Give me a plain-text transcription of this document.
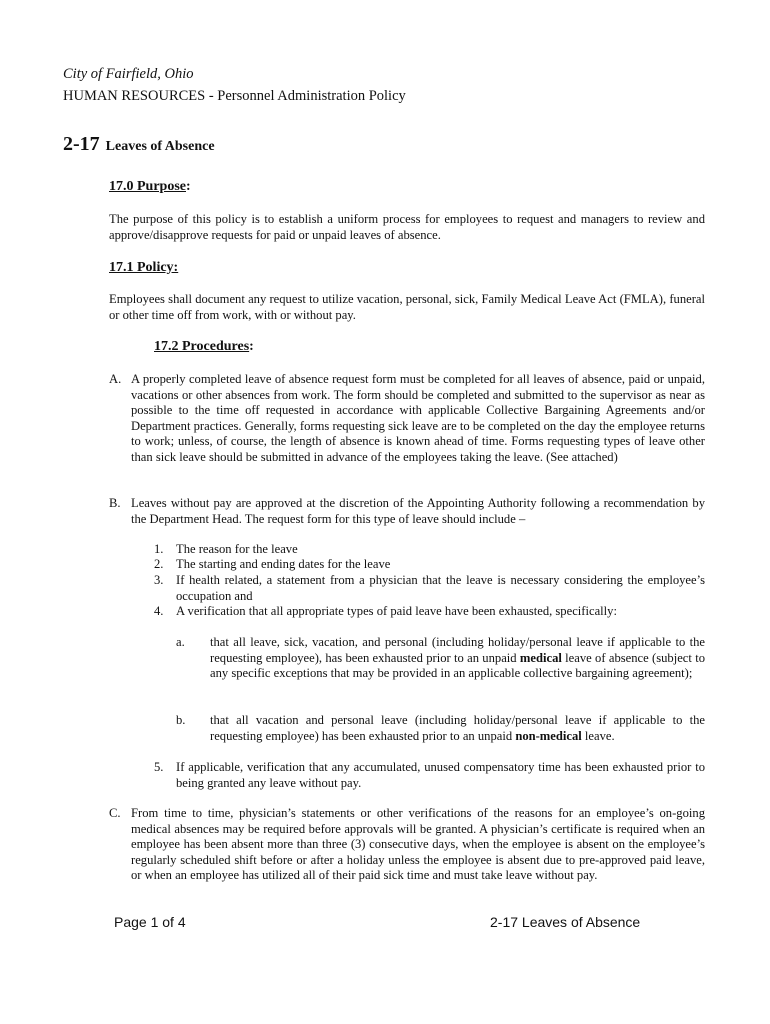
City of Fairfield, Ohio
HUMAN RESOURCES - Personnel Administration Policy
2-17 Leaves of Absence
17.0 Purpose:
The purpose of this policy is to establish a uniform process for employees to request and managers to review and approve/disapprove requests for paid or unpaid leaves of absence.
17.1 Policy:
Employees shall document any request to utilize vacation, personal, sick, Family Medical Leave Act (FMLA), funeral or other time off from work, with or without pay.
17.2 Procedures:
A. A properly completed leave of absence request form must be completed for all leaves of absence, paid or unpaid, vacations or other absences from work. The form should be completed and submitted to the supervisor as near as possible to the time off requested in accordance with applicable Collective Bargaining Agreements and/or Department practices. Generally, forms requesting sick leave are to be completed on the day the employee returns to work; unless, of course, the length of absence is known ahead of time. Forms requesting types of leave other than sick leave should be submitted in advance of the employees taking the leave. (See attached)
B. Leaves without pay are approved at the discretion of the Appointing Authority following a recommendation by the Department Head. The request form for this type of leave should include –
1. The reason for the leave
2. The starting and ending dates for the leave
3. If health related, a statement from a physician that the leave is necessary considering the employee’s occupation and
4. A verification that all appropriate types of paid leave have been exhausted, specifically:
a. that all leave, sick, vacation, and personal (including holiday/personal leave if applicable to the requesting employee), has been exhausted prior to an unpaid medical leave of absence (subject to any specific exceptions that may be provided in an applicable collective bargaining agreement);
b. that all vacation and personal leave (including holiday/personal leave if applicable to the requesting employee) has been exhausted prior to an unpaid non-medical leave.
5. If applicable, verification that any accumulated, unused compensatory time has been exhausted prior to being granted any leave without pay.
C. From time to time, physician’s statements or other verifications of the reasons for an employee’s on-going medical absences may be required before approvals will be granted. A physician’s certificate is required when an employee has been absent more than three (3) consecutive days, when the employee is absent on the employee’s regularly scheduled shift before or after a holiday unless the employee is absent due to pre-approved paid leave, or when an employee has utilized all of their paid sick time and must take leave without pay.
Page 1 of 4	2-17 Leaves of Absence
